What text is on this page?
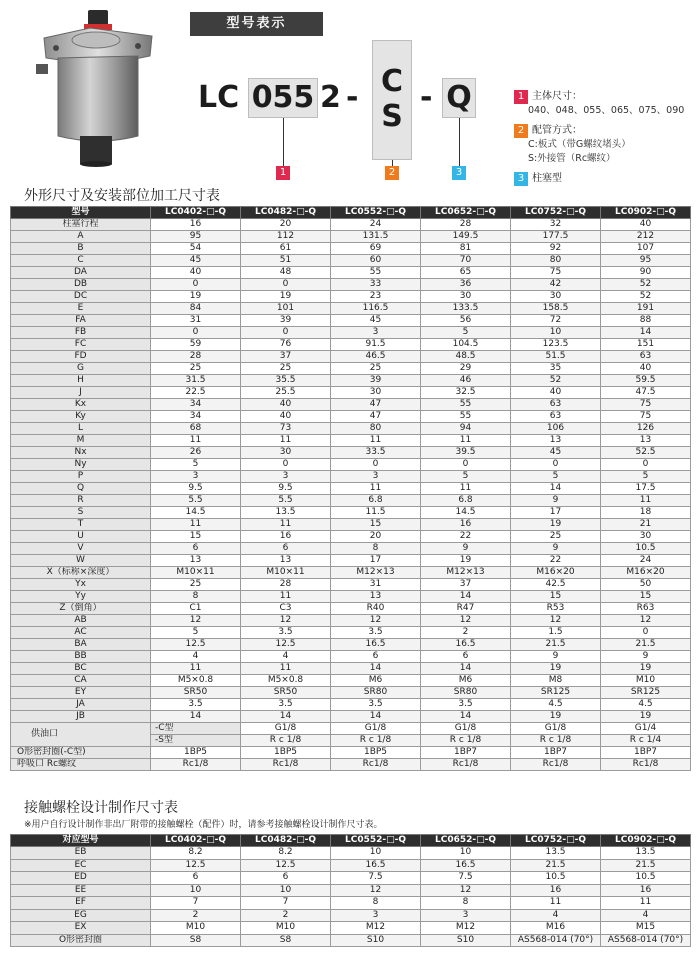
型号表示
LC 055 2 - C
S
- Q
1	2	3
1 主体尺寸：
040、048、055、065、075、090
2 配管方式：
C:板式（带G螺纹堵头）
S:外接管（Rc螺纹）
3 柱塞型
外形尺寸及安装部位加工尺寸表
型号	LC0402-□-Q	LC0482-□-Q	LC0552-□-Q	LC0652-□-Q	LC0752-□-Q	LC0902-□-Q	
柱塞行程	16	20	24	28	32	40	
A	95	112	131.5	149.5	177.5	212	
B	54	61	69	81	92	107	
C	45	51	60	70	80	95	
DA	40	48	55	65	75	90	
DB	0	0	33	36	42	52	
DC	19	19	23	30	30	52	
E	84	101	116.5	133.5	158.5	191	
FA	31	39	45	56	72	88	
FB	0	0	3	5	10	14	
FC	59	76	91.5	104.5	123.5	151	
FD	28	37	46.5	48.5	51.5	63	
G	25	25	25	29	35	40	
H	31.5	35.5	39	46	52	59.5	
J	22.5	25.5	30	32.5	40	47.5	
Kx	34	40	47	55	63	75	
Ky	34	40	47	55	63	75	
L	68	73	80	94	106	126	
M	11	11	11	11	13	13	
Nx	26	30	33.5	39.5	45	52.5	
Ny	5	0	0	0	0	0	
P	3	3	3	5	5	5	
Q	9.5	9.5	11	11	14	17.5	
R	5.5	5.5	6.8	6.8	9	11	
S	14.5	13.5	11.5	14.5	17	18	
T	11	11	15	16	19	21	
U	15	16	20	22	25	30	
V	6	6	8	9	9	10.5	
W	13	13	17	19	22	24	
X（标称×深度）	M10×11	M10×11	M12×13	M12×13	M16×20	M16×20	
Yx	25	28	31	37	42.5	50	
Yy	8	11	13	14	15	15	
Z（倒角）	C1	C3	R40	R47	R53	R63	
AB	12	12	12	12	12	12	
AC	5	3.5	3.5	2	1.5	0	
BA	12.5	12.5	16.5	16.5	21.5	21.5	
BB	4	4	6	6	9	9	
BC	11	11	14	14	19	19	
CA	M5×0.8	M5×0.8	M6	M6	M8	M10	
EY	SR50	SR50	SR80	SR80	SR125	SR125	
JA	3.5	3.5	3.5	3.5	4.5	4.5	
JB	14	14	14	14	19	19	
供油口	-C型	G1/8	G1/8	G1/8	G1/8	G1/4	
	-S型	R c 1/8	R c 1/8	R c 1/8	R c 1/8	R c 1/4	
O形密封圈(-C型)	1BP5	1BP5	1BP5	1BP7	1BP7	1BP7	
呼吸口 Rc螺纹	Rc1/8	Rc1/8	Rc1/8	Rc1/8	Rc1/8	Rc1/8	
接触螺栓设计制作尺寸表
※用户自行设计制作非出厂附带的接触螺栓（配件）时，请参考接触螺栓设计制作尺寸表。
对应型号	LC0402-□-Q	LC0482-□-Q	LC0552-□-Q	LC0652-□-Q	LC0752-□-Q	LC0902-□-Q
EB	8.2	8.2	10	10	13.5	13.5
EC	12.5	12.5	16.5	16.5	21.5	21.5
ED	6	6	7.5	7.5	10.5	10.5
EE	10	10	12	12	16	16
EF	7	7	8	8	11	11
EG	2	2	3	3	4	4
EX	M10	M10	M12	M12	M16	M15
O形密封圈	S8	S8	S10	S10	AS568-014 (70°)	AS568-014 (70°)
